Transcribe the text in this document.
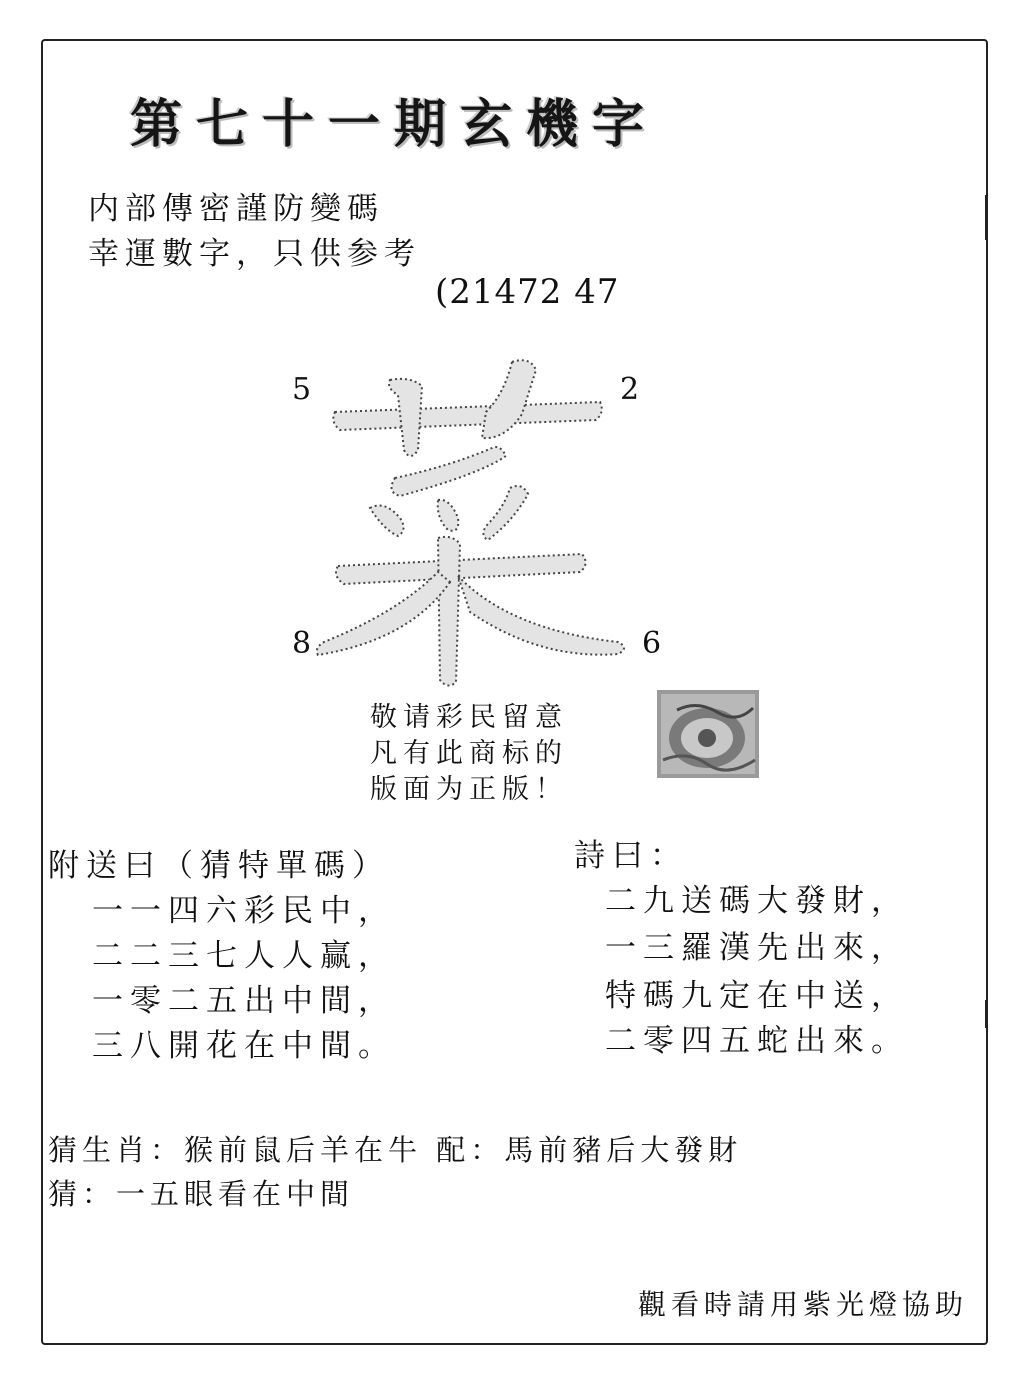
第七十一期玄機字
内部傳密謹防變碼
幸運數字，只供参考
(21472 47
5	2
8	6
敬请彩民留意
凡有此商标的
版面为正版！
附送曰（猜特單碼）
一一四六彩民中，
二二三七人人赢，
一零二五出中間，
三八開花在中間。
詩曰：
二九送碼大發財，
一三羅漢先出來，
特碼九定在中送，
二零四五蛇出來。
猜生肖：猴前鼠后羊在牛 配：馬前豬后大發財
猜：一五眼看在中間
觀看時請用紫光燈協助
